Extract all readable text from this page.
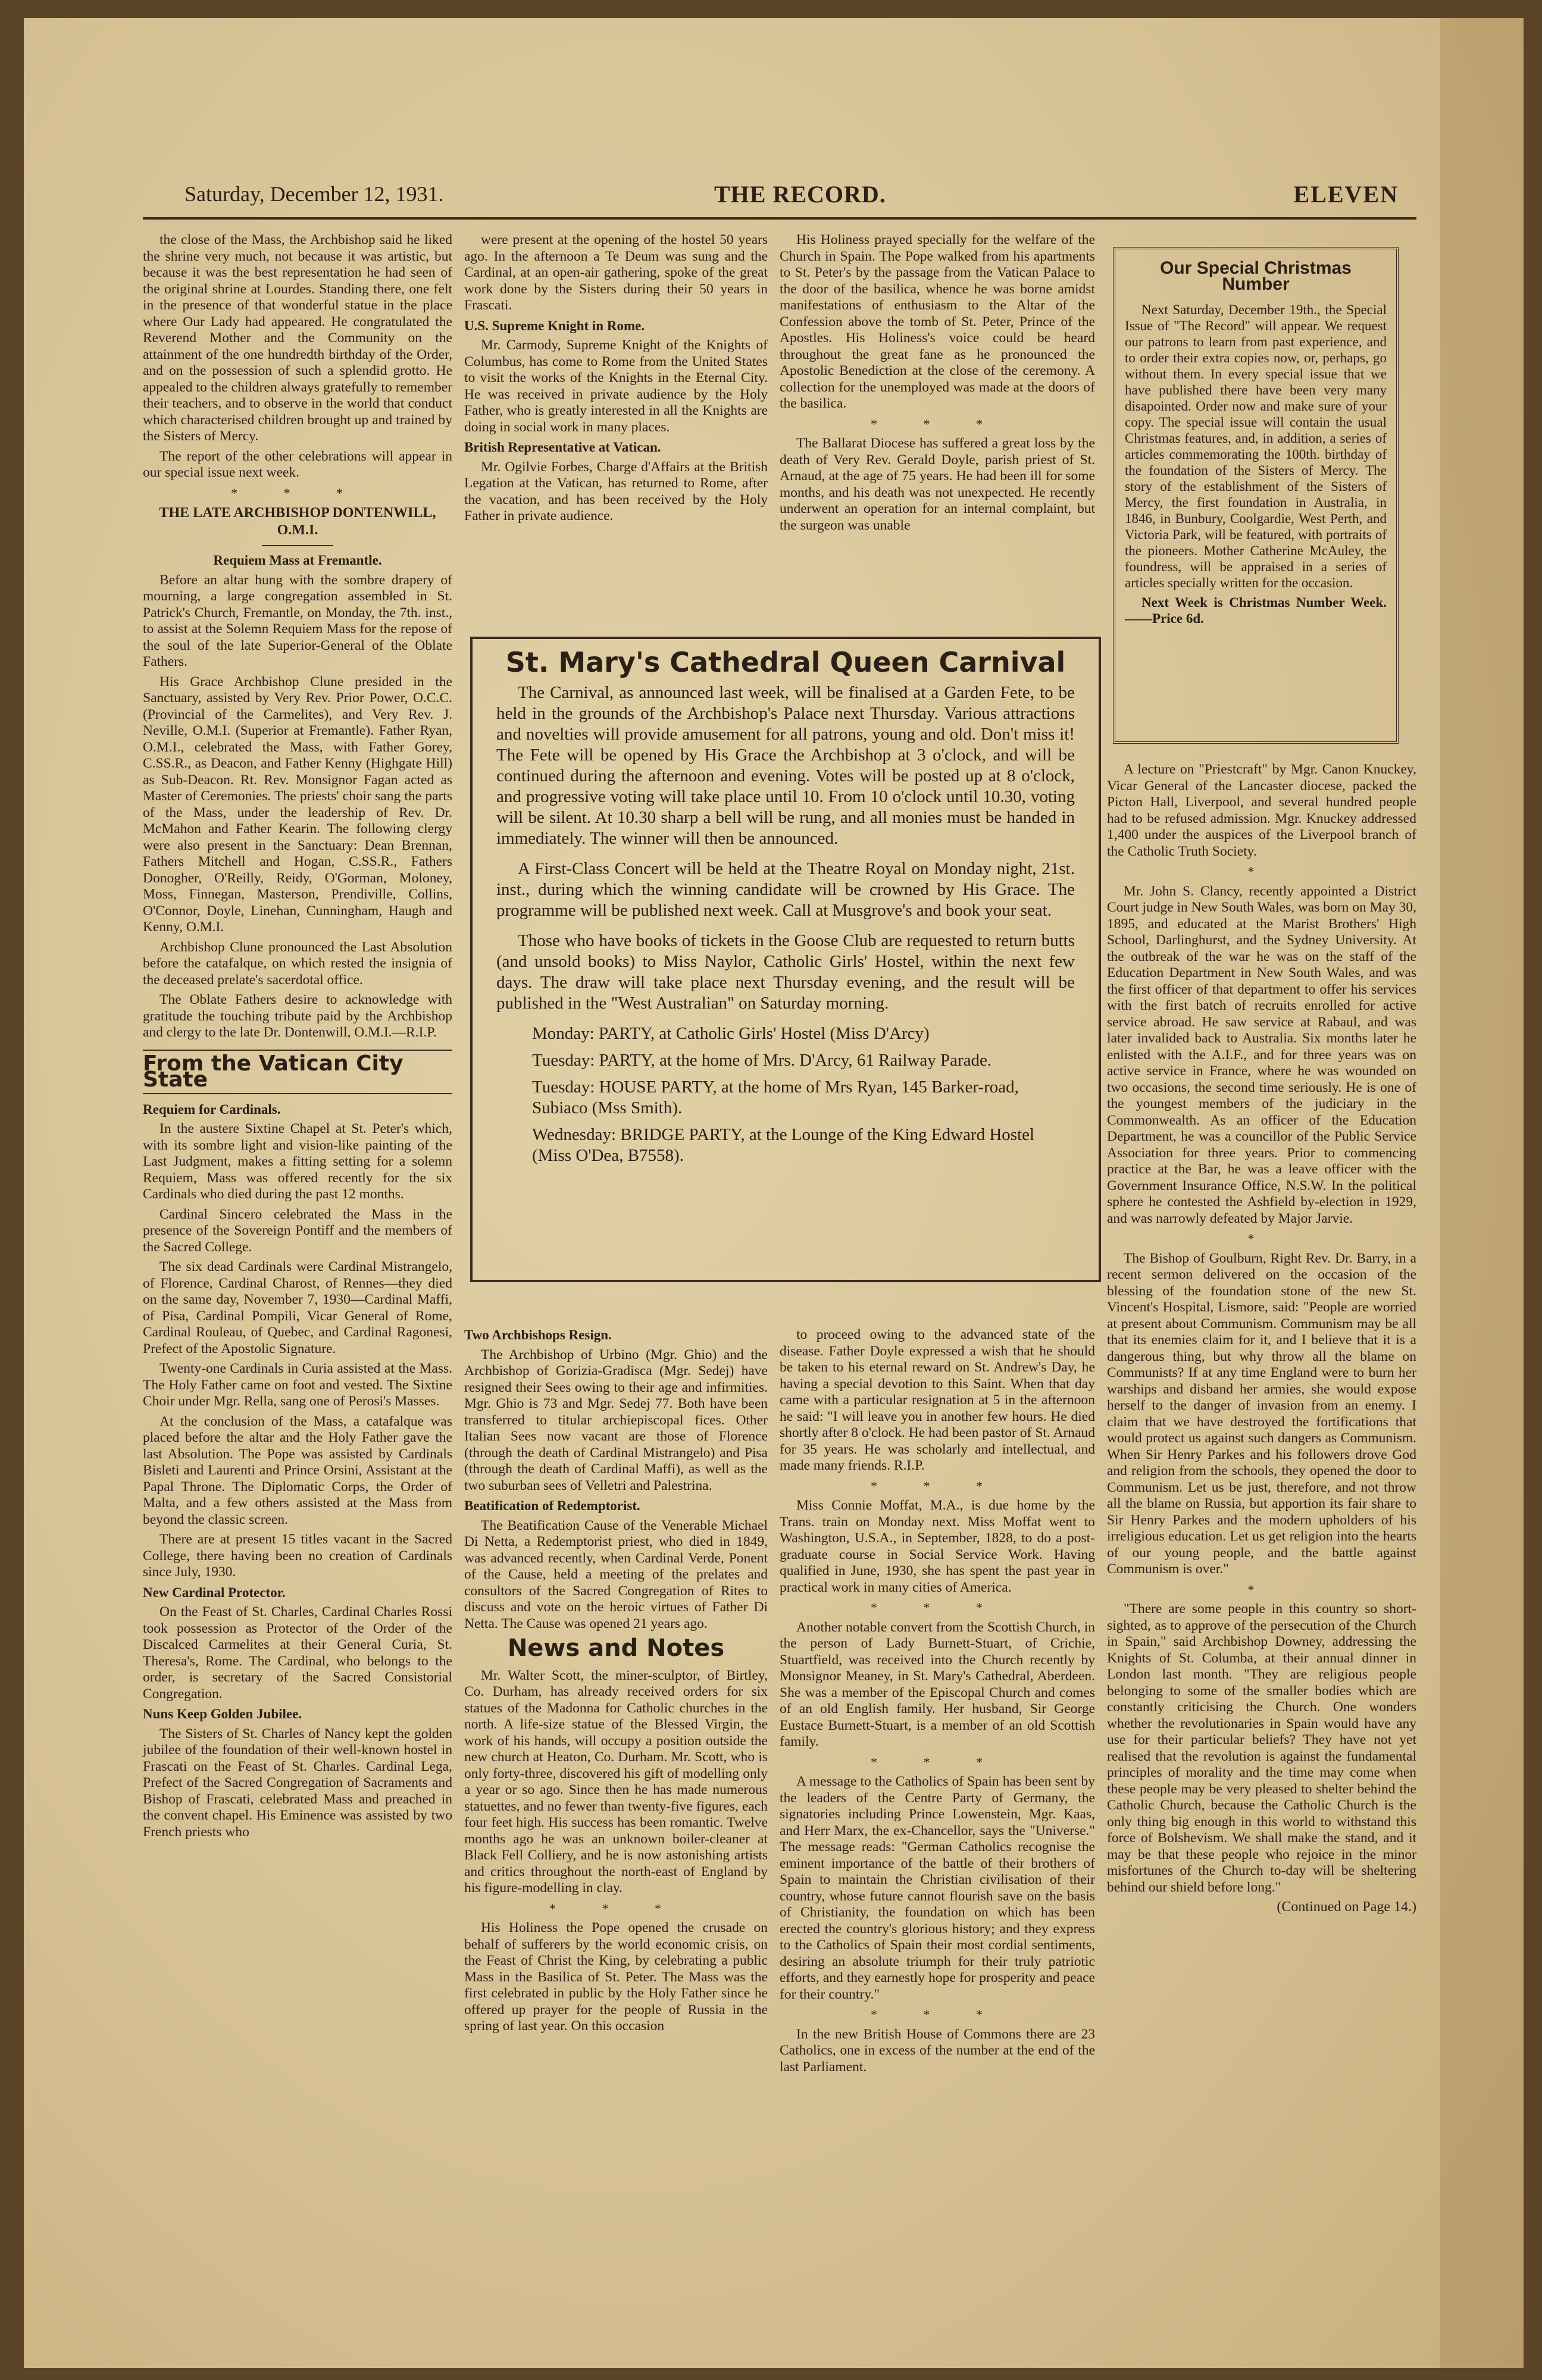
Saturday, December 12, 1931.	THE RECORD.	ELEVEN

the close of the Mass, the Archbishop said he liked the shrine very much, not because it was artistic, but because it was the best representation he had seen of the original shrine at Lourdes. Standing there, one felt in the presence of that wonderful statue in the place where Our Lady had appeared. He congratulated the Reverend Mother and the Community on the attainment of the one hundredth birthday of the Order, and on the possession of such a splendid grotto. He appealed to the children always gratefully to remember their teachers, and to observe in the world that conduct which characterised children brought up and trained by the Sisters of Mercy.

The report of the other celebrations will appear in our special issue next week.

* * *

THE LATE ARCHBISHOP DONTENWILL, O.M.I.

Requiem Mass at Fremantle.

Before an altar hung with the sombre drapery of mourning, a large congregation assembled in St. Patrick's Church, Fremantle, on Monday, the 7th. inst., to assist at the Solemn Requiem Mass for the repose of the soul of the late Superior-General of the Oblate Fathers.

His Grace Archbishop Clune presided in the Sanctuary, assisted by Very Rev. Prior Power, O.C.C. (Provincial of the Carmelites), and Very Rev. J. Neville, O.M.I. (Superior at Fremantle). Father Ryan, O.M.I., celebrated the Mass, with Father Gorey, C.SS.R., as Deacon, and Father Kenny (Highgate Hill) as Sub-Deacon. Rt. Rev. Monsignor Fagan acted as Master of Ceremonies. The priests' choir sang the parts of the Mass, under the leadership of Rev. Dr. McMahon and Father Kearin. The following clergy were also present in the Sanctuary: Dean Brennan, Fathers Mitchell and Hogan, C.SS.R., Fathers Donogher, O'Reilly, Reidy, O'Gorman, Moloney, Moss, Finnegan, Masterson, Prendiville, Collins, O'Connor, Doyle, Linehan, Cunningham, Haugh and Kenny, O.M.I.

Archbishop Clune pronounced the Last Absolution before the catafalque, on which rested the insignia of the deceased prelate's sacerdotal office.

The Oblate Fathers desire to acknowledge with gratitude the touching tribute paid by the Archbishop and clergy to the late Dr. Dontenwill, O.M.I.—R.I.P.

From the Vatican City State

Requiem for Cardinals.

In the austere Sixtine Chapel at St. Peter's which, with its sombre light and vision-like painting of the Last Judgment, makes a fitting setting for a solemn Requiem, Mass was offered recently for the six Cardinals who died during the past 12 months.

Cardinal Sincero celebrated the Mass in the presence of the Sovereign Pontiff and the members of the Sacred College.

The six dead Cardinals were Cardinal Mistrangelo, of Florence, Cardinal Charost, of Rennes—they died on the same day, November 7, 1930—Cardinal Maffi, of Pisa, Cardinal Pompili, Vicar General of Rome, Cardinal Rouleau, of Quebec, and Cardinal Ragonesi, Prefect of the Apostolic Signature.

Twenty-one Cardinals in Curia assisted at the Mass. The Holy Father came on foot and vested. The Sixtine Choir under Mgr. Rella, sang one of Perosi's Masses.

At the conclusion of the Mass, a catafalque was placed before the altar and the Holy Father gave the last Absolution. The Pope was assisted by Cardinals Bisleti and Laurenti and Prince Orsini, Assistant at the Papal Throne. The Diplomatic Corps, the Order of Malta, and a few others assisted at the Mass from beyond the classic screen.

There are at present 15 titles vacant in the Sacred College, there having been no creation of Cardinals since July, 1930.

New Cardinal Protector.

On the Feast of St. Charles, Cardinal Charles Rossi took possession as Protector of the Order of the Discalced Carmelites at their General Curia, St. Theresa's, Rome. The Cardinal, who belongs to the order, is secretary of the Sacred Consistorial Congregation.

Nuns Keep Golden Jubilee.

The Sisters of St. Charles of Nancy kept the golden jubilee of the foundation of their well-known hostel in Frascati on the Feast of St. Charles. Cardinal Lega, Prefect of the Sacred Congregation of Sacraments and Bishop of Frascati, celebrated Mass and preached in the convent chapel. His Eminence was assisted by two French priests who

were present at the opening of the hostel 50 years ago. In the afternoon a Te Deum was sung and the Cardinal, at an open-air gathering, spoke of the great work done by the Sisters during their 50 years in Frascati.

U.S. Supreme Knight in Rome.

Mr. Carmody, Supreme Knight of the Knights of Columbus, has come to Rome from the United States to visit the works of the Knights in the Eternal City. He was received in private audience by the Holy Father, who is greatly interested in all the Knights are doing in social work in many places.

British Representative at Vatican.

Mr. Ogilvie Forbes, Charge d'Affairs at the British Legation at the Vatican, has returned to Rome, after the vacation, and has been received by the Holy Father in private audience.

His Holiness prayed specially for the welfare of the Church in Spain. The Pope walked from his apartments to St. Peter's by the passage from the Vatican Palace to the door of the basilica, whence he was borne amidst manifestations of enthusiasm to the Altar of the Confession above the tomb of St. Peter, Prince of the Apostles. His Holiness's voice could be heard throughout the great fane as he pronounced the Apostolic Benediction at the close of the ceremony. A collection for the unemployed was made at the doors of the basilica.

* * *

The Ballarat Diocese has suffered a great loss by the death of Very Rev. Gerald Doyle, parish priest of St. Arnaud, at the age of 75 years. He had been ill for some months, and his death was not unexpected. He recently underwent an operation for an internal complaint, but the surgeon was unable

Our Special Christmas Number

Next Saturday, December 19th., the Special Issue of "The Record" will appear. We request our patrons to learn from past experience, and to order their extra copies now, or, perhaps, go without them. In every special issue that we have published there have been very many disapointed. Order now and make sure of your copy. The special issue will contain the usual Christmas features, and, in addition, a series of articles commemorating the 100th. birthday of the foundation of the Sisters of Mercy. The story of the establishment of the Sisters of Mercy, the first foundation in Australia, in 1846, in Bunbury, Coolgardie, West Perth, and Victoria Park, will be featured, with portraits of the pioneers. Mother Catherine McAuley, the foundress, will be appraised in a series of articles specially written for the occasion.

Next Week is Christmas Number Week.——Price 6d.

St. Mary's Cathedral Queen Carnival

The Carnival, as announced last week, will be finalised at a Garden Fete, to be held in the grounds of the Archbishop's Palace next Thursday. Various attractions and novelties will provide amusement for all patrons, young and old. Don't miss it! The Fete will be opened by His Grace the Archbishop at 3 o'clock, and will be continued during the afternoon and evening. Votes will be posted up at 8 o'clock, and progressive voting will take place until 10. From 10 o'clock until 10.30, voting will be silent. At 10.30 sharp a bell will be rung, and all monies must be handed in immediately. The winner will then be announced.

A First-Class Concert will be held at the Theatre Royal on Monday night, 21st. inst., during which the winning candidate will be crowned by His Grace. The programme will be published next week. Call at Musgrove's and book your seat.

Those who have books of tickets in the Goose Club are requested to return butts (and unsold books) to Miss Naylor, Catholic Girls' Hostel, within the next few days. The draw will take place next Thursday evening, and the result will be published in the "West Australian" on Saturday morning.

Monday: PARTY, at Catholic Girls' Hostel (Miss D'Arcy)

Tuesday: PARTY, at the home of Mrs. D'Arcy, 61 Railway Parade.

Tuesday: HOUSE PARTY, at the home of Mrs Ryan, 145 Barker-road, Subiaco (Mss Smith).

Wednesday: BRIDGE PARTY, at the Lounge of the King Edward Hostel (Miss O'Dea, B7558).

Two Archbishops Resign.

The Archbishop of Urbino (Mgr. Ghio) and the Archbishop of Gorizia-Gradisca (Mgr. Sedej) have resigned their Sees owing to their age and infirmities. Mgr. Ghio is 73 and Mgr. Sedej 77. Both have been transferred to titular archiepiscopal fices. Other Italian Sees now vacant are those of Florence (through the death of Cardinal Mistrangelo) and Pisa (through the death of Cardinal Maffi), as well as the two suburban sees of Velletri and Palestrina.

Beatification of Redemptorist.

The Beatification Cause of the Venerable Michael Di Netta, a Redemptorist priest, who died in 1849, was advanced recently, when Cardinal Verde, Ponent of the Cause, held a meeting of the prelates and consultors of the Sacred Congregation of Rites to discuss and vote on the heroic virtues of Father Di Netta. The Cause was opened 21 years ago.

News and Notes

Mr. Walter Scott, the miner-sculptor, of Birtley, Co. Durham, has already received orders for six statues of the Madonna for Catholic churches in the north. A life-size statue of the Blessed Virgin, the work of his hands, will occupy a position outside the new church at Heaton, Co. Durham. Mr. Scott, who is only forty-three, discovered his gift of modelling only a year or so ago. Since then he has made numerous statuettes, and no fewer than twenty-five figures, each four feet high. His success has been romantic. Twelve months ago he was an unknown boiler-cleaner at Black Fell Colliery, and he is now astonishing artists and critics throughout the north-east of England by his figure-modelling in clay.

* * *

His Holiness the Pope opened the crusade on behalf of sufferers by the world economic crisis, on the Feast of Christ the King, by celebrating a public Mass in the Basilica of St. Peter. The Mass was the first celebrated in public by the Holy Father since he offered up prayer for the people of Russia in the spring of last year. On this occasion

to proceed owing to the advanced state of the disease. Father Doyle expressed a wish that he should be taken to his eternal reward on St. Andrew's Day, he having a special devotion to this Saint. When that day came with a particular resignation at 5 in the afternoon he said: "I will leave you in another few hours. He died shortly after 8 o'clock. He had been pastor of St. Arnaud for 35 years. He was scholarly and intellectual, and made many friends. R.I.P.

* * *

Miss Connie Moffat, M.A., is due home by the Trans. train on Monday next. Miss Moffat went to Washington, U.S.A., in September, 1828, to do a post-graduate course in Social Service Work. Having qualified in June, 1930, she has spent the past year in practical work in many cities of America.

* * *

Another notable convert from the Scottish Church, in the person of Lady Burnett-Stuart, of Crichie, Stuartfield, was received into the Church recently by Monsignor Meaney, in St. Mary's Cathedral, Aberdeen. She was a member of the Episcopal Church and comes of an old English family. Her husband, Sir George Eustace Burnett-Stuart, is a member of an old Scottish family.

* * *

A message to the Catholics of Spain has been sent by the leaders of the Centre Party of Germany, the signatories including Prince Lowenstein, Mgr. Kaas, and Herr Marx, the ex-Chancellor, says the "Universe." The message reads: "German Catholics recognise the eminent importance of the battle of their brothers of Spain to maintain the Christian civilisation of their country, whose future cannot flourish save on the basis of Christianity, the foundation on which has been erected the country's glorious history; and they express to the Catholics of Spain their most cordial sentiments, desiring an absolute triumph for their truly patriotic efforts, and they earnestly hope for prosperity and peace for their country."

* * *

In the new British House of Commons there are 23 Catholics, one in excess of the number at the end of the last Parliament.

A lecture on "Priestcraft" by Mgr. Canon Knuckey, Vicar General of the Lancaster diocese, packed the Picton Hall, Liverpool, and several hundred people had to be refused admission. Mgr. Knuckey addressed 1,400 under the auspices of the Liverpool branch of the Catholic Truth Society.

*

Mr. John S. Clancy, recently appointed a District Court judge in New South Wales, was born on May 30, 1895, and educated at the Marist Brothers' High School, Darlinghurst, and the Sydney University. At the outbreak of the war he was on the staff of the Education Department in New South Wales, and was the first officer of that department to offer his services with the first batch of recruits enrolled for active service abroad. He saw service at Rabaul, and was later invalided back to Australia. Six months later he enlisted with the A.I.F., and for three years was on active service in France, where he was wounded on two occasions, the second time seriously. He is one of the youngest members of the judiciary in the Commonwealth. As an officer of the Education Department, he was a councillor of the Public Service Association for three years. Prior to commencing practice at the Bar, he was a leave officer with the Government Insurance Office, N.S.W. In the political sphere he contested the Ashfield by-election in 1929, and was narrowly defeated by Major Jarvie.

*

The Bishop of Goulburn, Right Rev. Dr. Barry, in a recent sermon delivered on the occasion of the blessing of the foundation stone of the new St. Vincent's Hospital, Lismore, said: "People are worried at present about Communism. Communism may be all that its enemies claim for it, and I believe that it is a dangerous thing, but why throw all the blame on Communists? If at any time England were to burn her warships and disband her armies, she would expose herself to the danger of invasion from an enemy. I claim that we have destroyed the fortifications that would protect us against such dangers as Communism. When Sir Henry Parkes and his followers drove God and religion from the schools, they opened the door to Communism. Let us be just, therefore, and not throw all the blame on Russia, but apportion its fair share to Sir Henry Parkes and the modern upholders of his irreligious education. Let us get religion into the hearts of our young people, and the battle against Communism is over."

*

"There are some people in this country so short-sighted, as to approve of the persecution of the Church in Spain," said Archbishop Downey, addressing the Knights of St. Columba, at their annual dinner in London last month. "They are religious people belonging to some of the smaller bodies which are constantly criticising the Church. One wonders whether the revolutionaries in Spain would have any use for their particular beliefs? They have not yet realised that the revolution is against the fundamental principles of morality and the time may come when these people may be very pleased to shelter behind the Catholic Church, because the Catholic Church is the only thing big enough in this world to withstand this force of Bolshevism. We shall make the stand, and it may be that these people who rejoice in the minor misfortunes of the Church to-day will be sheltering behind our shield before long."

(Continued on Page 14.)
